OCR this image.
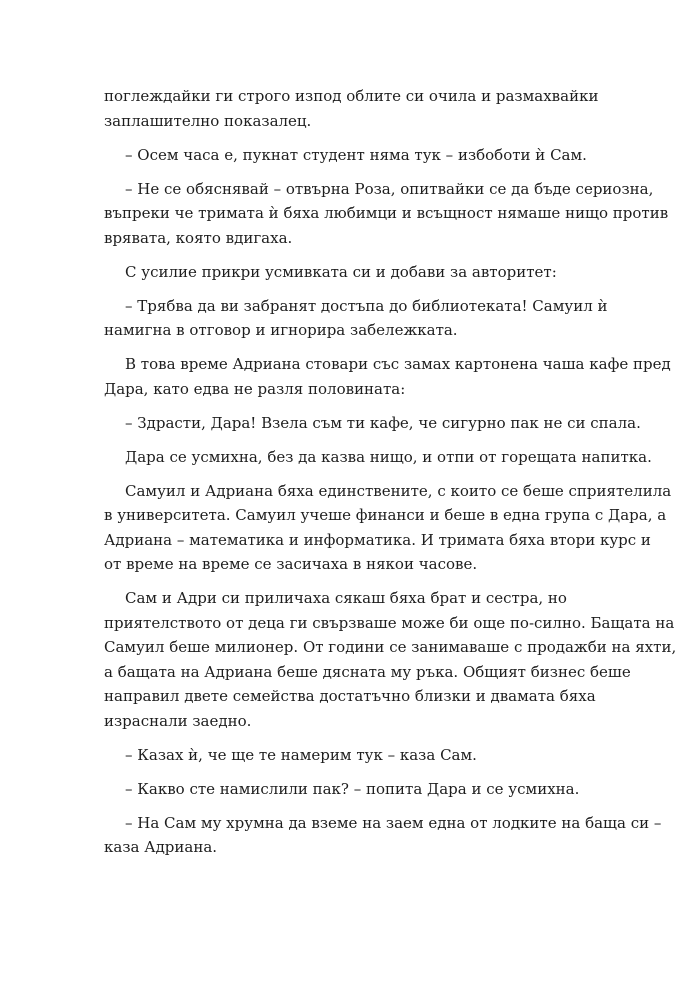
поглеждайки ги строго изпод облите си очила и размахвайки
заплашително показалец.
– Осем часа е, пукнат студент няма тук – избоботи ѝ Сам.
– Не се обяснявай – отвърна Роза, опитвайки се да бъде сериозна,
въпреки че тримата ѝ бяха любимци и всъщност нямаше нищо против
врявата, която вдигаха.
С усилие прикри усмивката си и добави за авторитет:
– Трябва да ви забранят достъпа до библиотеката! Самуил ѝ
намигна в отговор и игнорира забележката.
В това време Адриана стовари със замах картонена чаша кафе пред
Дара, като едва не разля половината:
– Здрасти, Дара! Взела съм ти кафе, че сигурно пак не си спала.
Дара се усмихна, без да казва нищо, и отпи от горещата напитка.
Самуил и Адриана бяха единствените, с които се беше сприятелила
в университета. Самуил учеше финанси и беше в една група с Дара, а
Адриана – математика и информатика. И тримата бяха втори курс и
от време на време се засичаха в някои часове.
Сам и Адри си приличаха сякаш бяха брат и сестра, но
приятелството от деца ги свързваше може би още по-силно. Бащата на
Самуил беше милионер. От години се занимаваше с продажби на яхти,
а бащата на Адриана беше дясната му ръка. Общият бизнес беше
направил двете семейства достатъчно близки и двамата бяха
израснали заедно.
– Казах ѝ, че ще те намерим тук – каза Сам.
– Какво сте намислили пак? – попита Дара и се усмихна.
– На Сам му хрумна да вземе на заем една от лодките на баща си –
каза Адриана.
